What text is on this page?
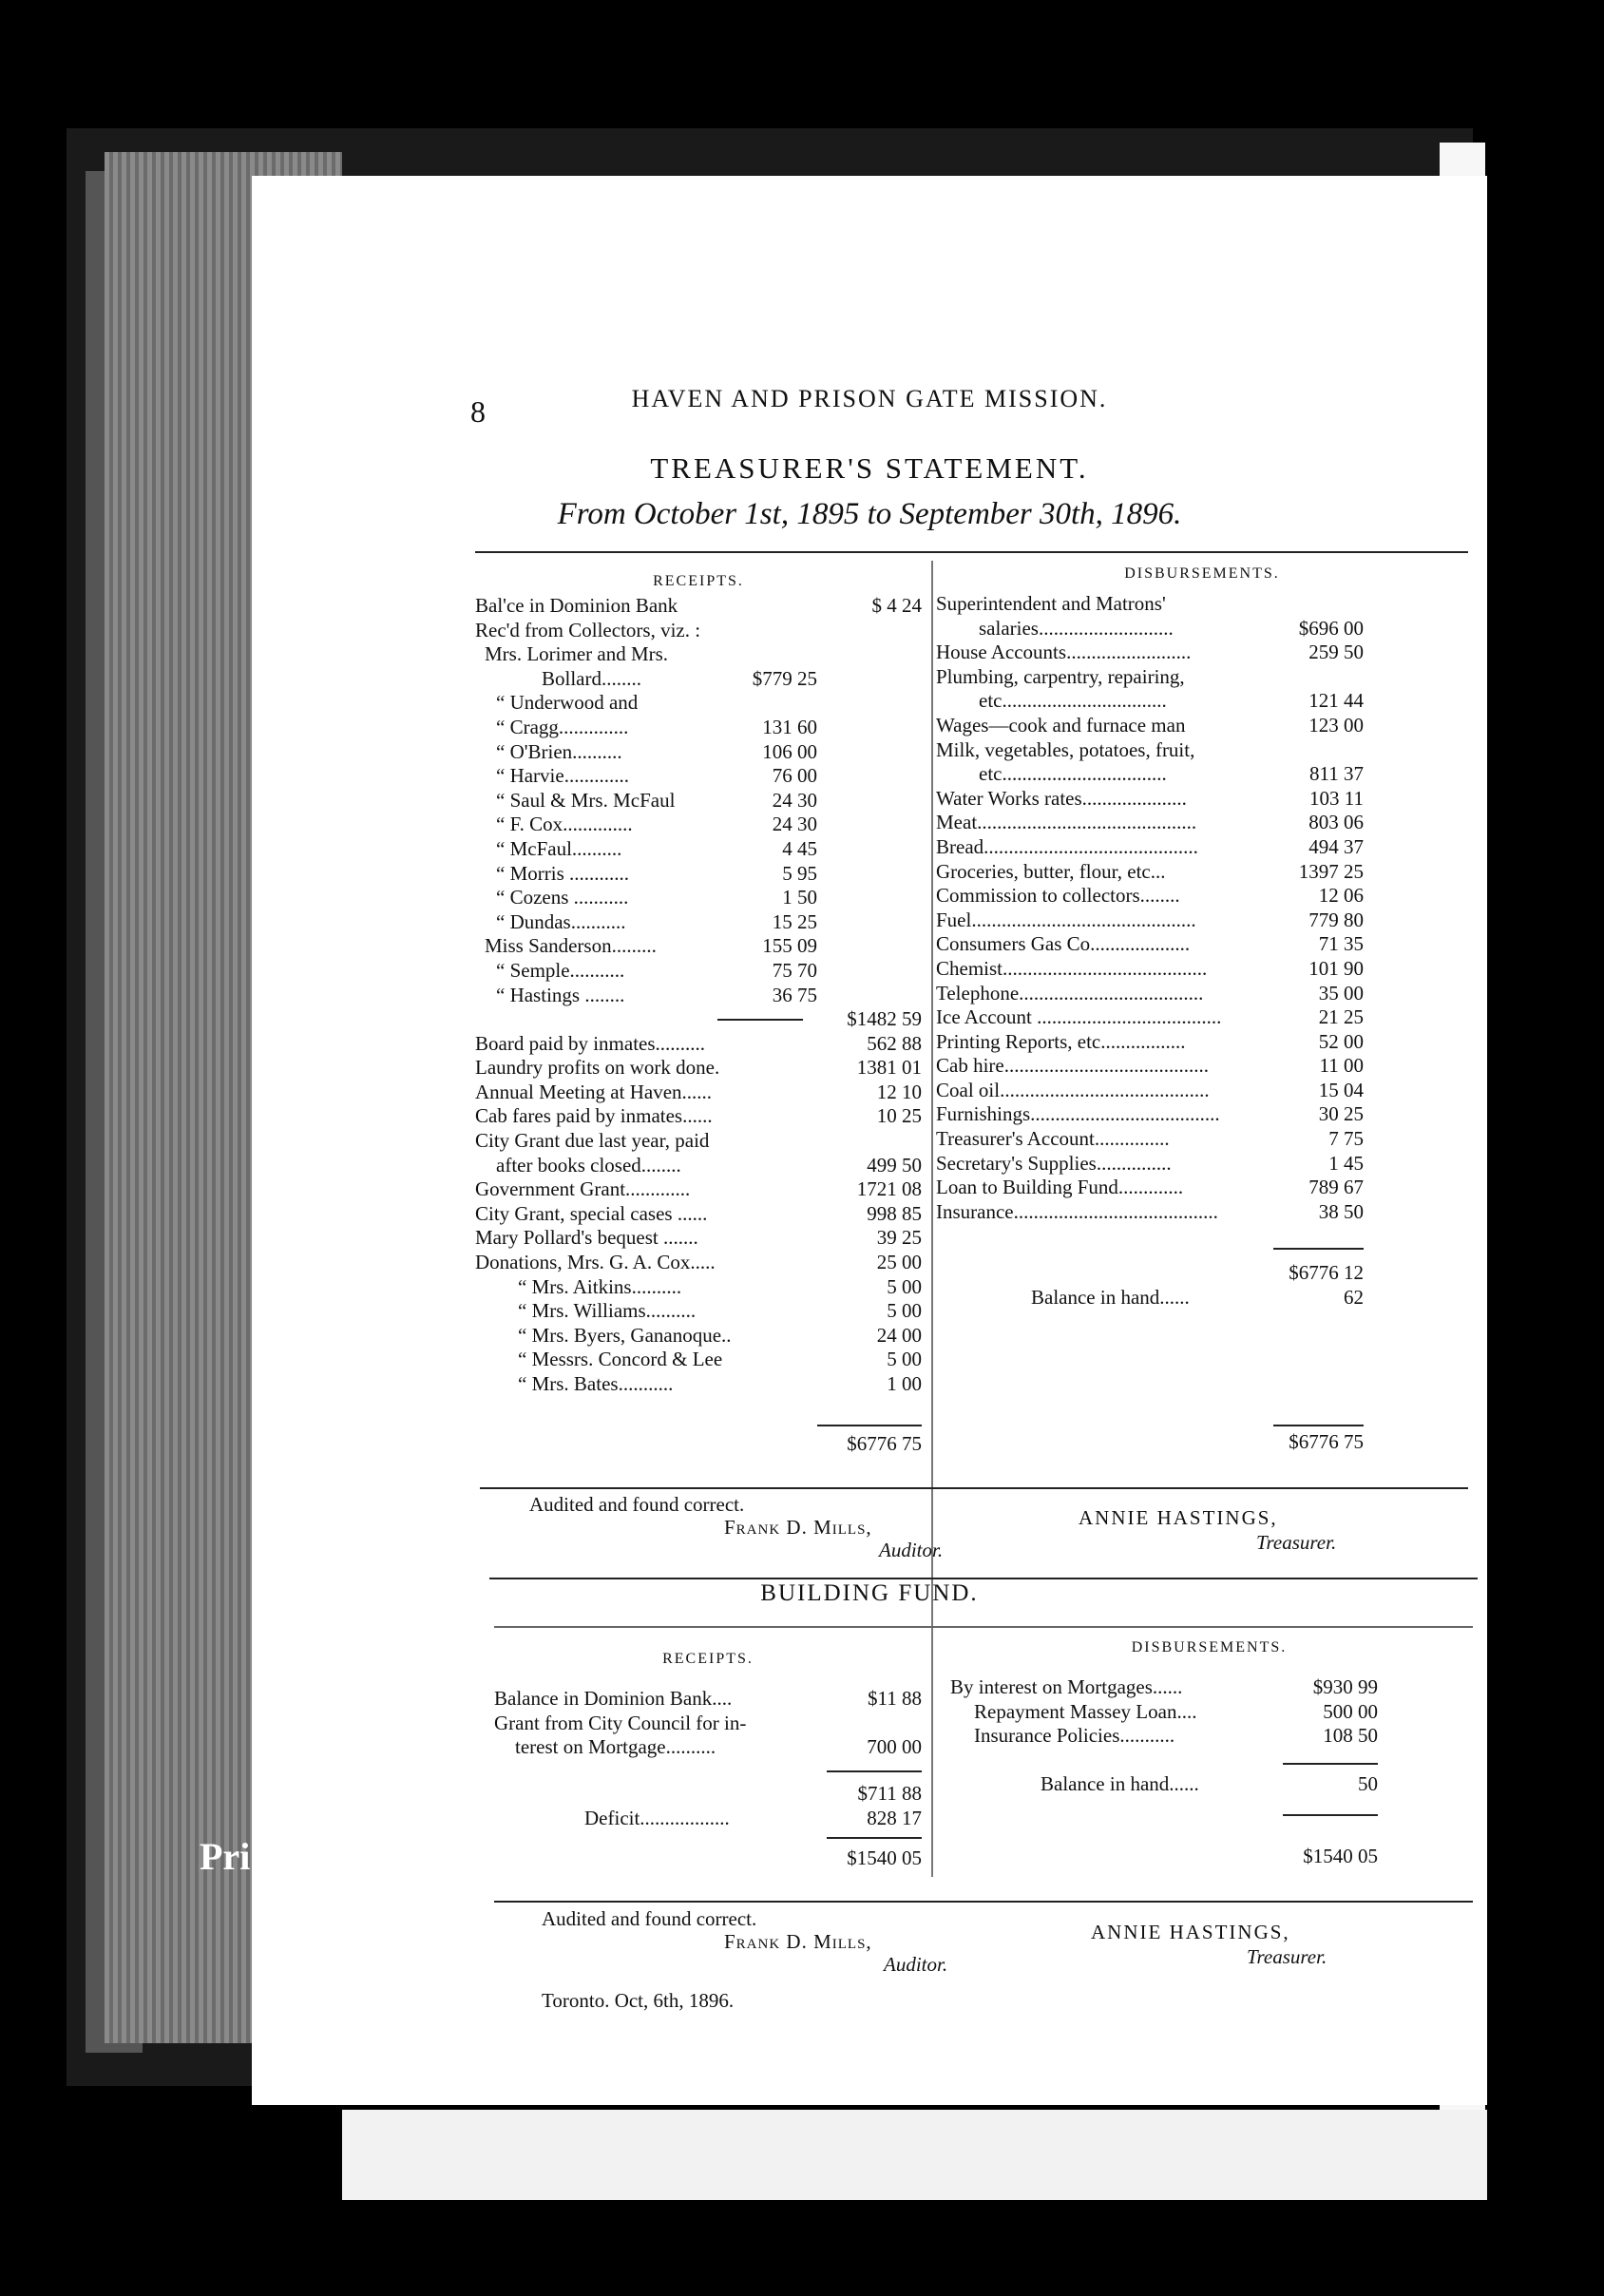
Pri
8	HAVEN AND PRISON GATE MISSION.
TREASURER'S STATEMENT.
From October 1st, 1895 to September 30th, 1896.
RECEIPTS.	DISBURSEMENTS.
Bal'ce in Dominion Bank	$ 4 24
Rec'd from Collectors, viz. :
Mrs. Lorimer and Mrs.
Bollard........	$779 25
“ Underwood and
“ Cragg..............	131 60
“ O'Brien..........	106 00
“ Harvie.............	76 00
“ Saul & Mrs. McFaul	24 30
“ F. Cox..............	24 30
“ McFaul..........	4 45
“ Morris ............	5 95
“ Cozens ...........	1 50
“ Dundas...........	15 25
Miss Sanderson.........	155 09
“ Semple...........	75 70
“ Hastings ........	36 75
$1482 59
Board paid by inmates..........	562 88
Laundry profits on work done.	1381 01
Annual Meeting at Haven......	12 10
Cab fares paid by inmates......	10 25
City Grant due last year, paid
after books closed........	499 50
Government Grant.............	1721 08
City Grant, special cases ......	998 85
Mary Pollard's bequest .......	39 25
Donations, Mrs. G. A. Cox.....	25 00
“ Mrs. Aitkins..........	5 00
“ Mrs. Williams..........	5 00
“ Mrs. Byers, Gananoque..	24 00
“ Messrs. Concord & Lee	5 00
“ Mrs. Bates...........	1 00
Superintendent and Matrons'
salaries...........................	$696 00
House Accounts.........................	259 50
Plumbing, carpentry, repairing,
etc.................................	121 44
Wages—cook and furnace man	123 00
Milk, vegetables, potatoes, fruit,
etc.................................	811 37
Water Works rates.....................	103 11
Meat............................................	803 06
Bread...........................................	494 37
Groceries, butter, flour, etc...	1397 25
Commission to collectors........	12 06
Fuel.............................................	779 80
Consumers Gas Co....................	71 35
Chemist.........................................	101 90
Telephone.....................................	35 00
Ice Account .....................................	21 25
Printing Reports, etc.................	52 00
Cab hire.........................................	11 00
Coal oil..........................................	15 04
Furnishings......................................	30 25
Treasurer's Account...............	7 75
Secretary's Supplies...............	1 45
Loan to Building Fund.............	789 67
Insurance.........................................	38 50
$6776 12
Balance in hand......	62
$6776 75
$6776 75
Audited and found correct.
Frank D. Mills,
Auditor.
ANNIE HASTINGS,
Treasurer.
BUILDING FUND.
RECEIPTS.
DISBURSEMENTS.
Balance in Dominion Bank....	$11 88
Grant from City Council for in-
terest on Mortgage..........	700 00
By interest on Mortgages......	$930 99
Repayment Massey Loan....	500 00
Insurance Policies...........	108 50
$711 88
Deficit..................	828 17
$1540 05
Balance in hand......	50
$1540 05
Audited and found correct.
Frank D. Mills,
Auditor.
ANNIE HASTINGS,
Treasurer.
Toronto. Oct, 6th, 1896.
